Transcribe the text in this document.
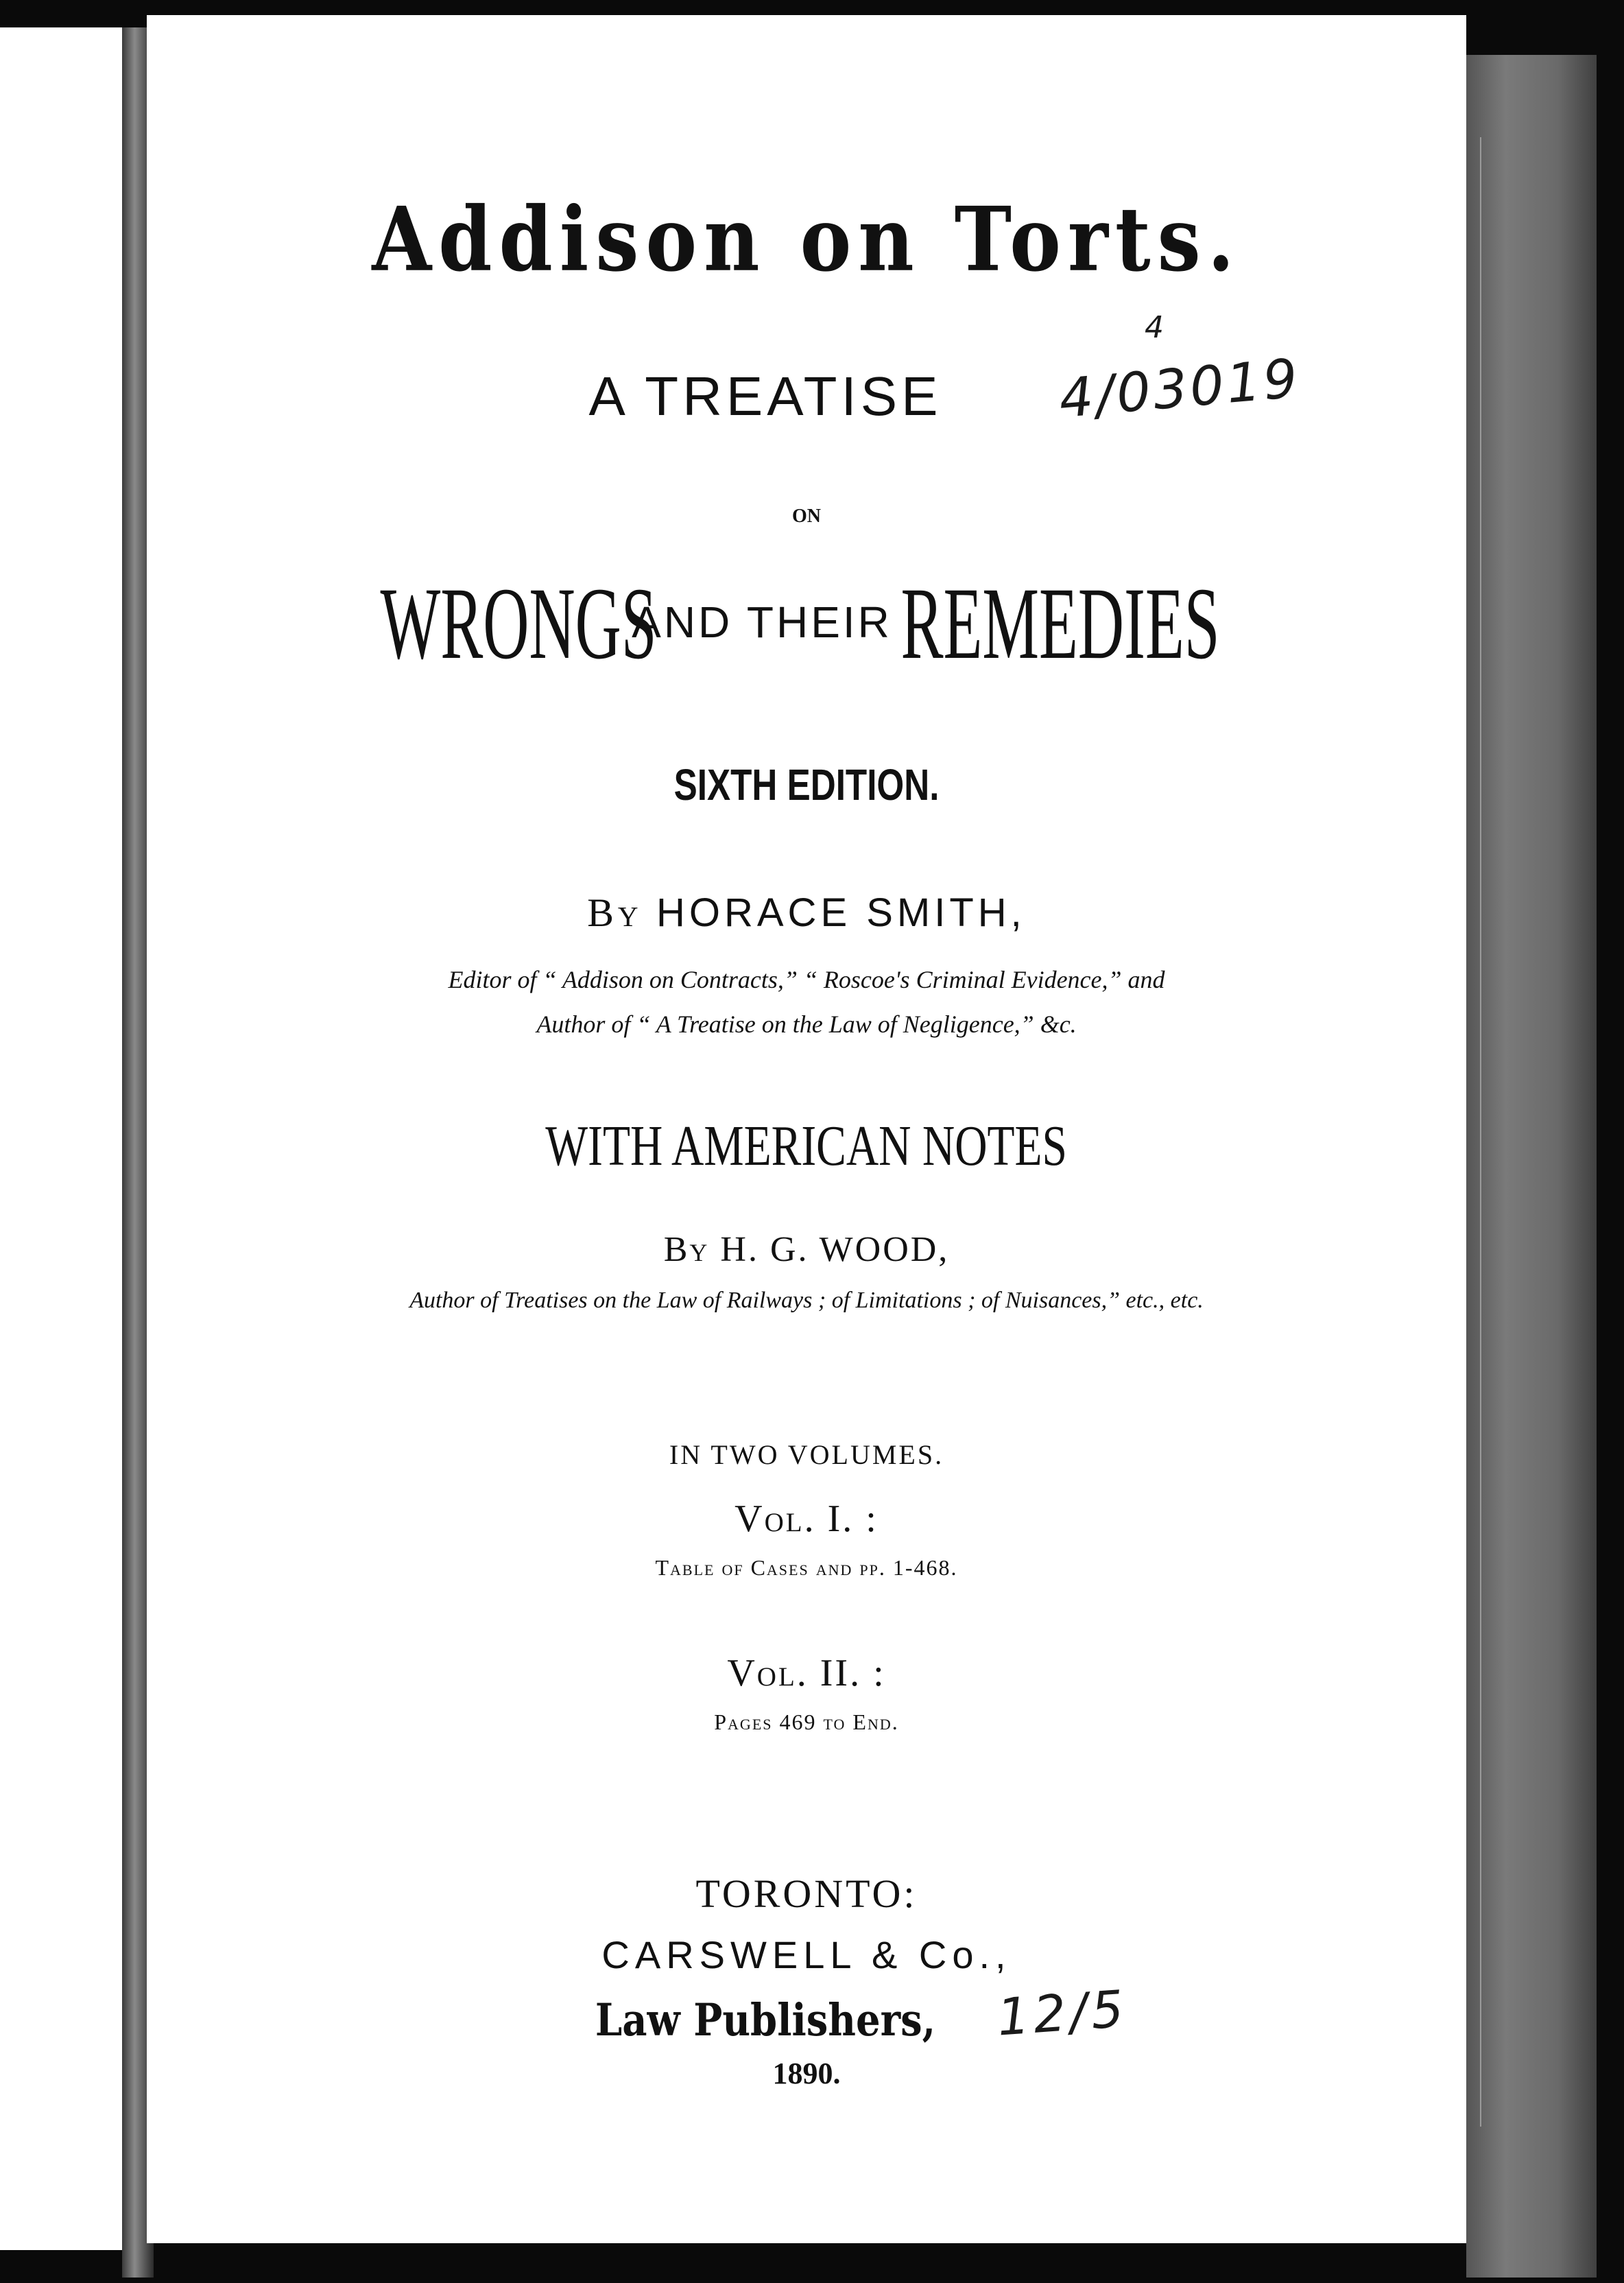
Addison on Torts.
A TREATISE
ON
$WRONGS^{AND THEIR}REMEDIES$
SIXTH EDITION.
By HORACE SMITH,
Editor of “ Addison on Contracts,” “ Roscoe's Criminal Evidence,” and
Author of “ A Treatise on the Law of Negligence,” &c.
WITH AMERICAN NOTES
By H. G. WOOD,
Author of Treatises on the Law of Railways ; of Limitations ; of Nuisances,” etc., etc.
IN TWO VOLUMES.
Vol. I. :
Table of Cases and pp. 1-468.
Vol. II. :
Pages 469 to End.
TORONTO:
CARSWELL & Co.,
Law Publishers,
1890.
4
4/03019
12/5
